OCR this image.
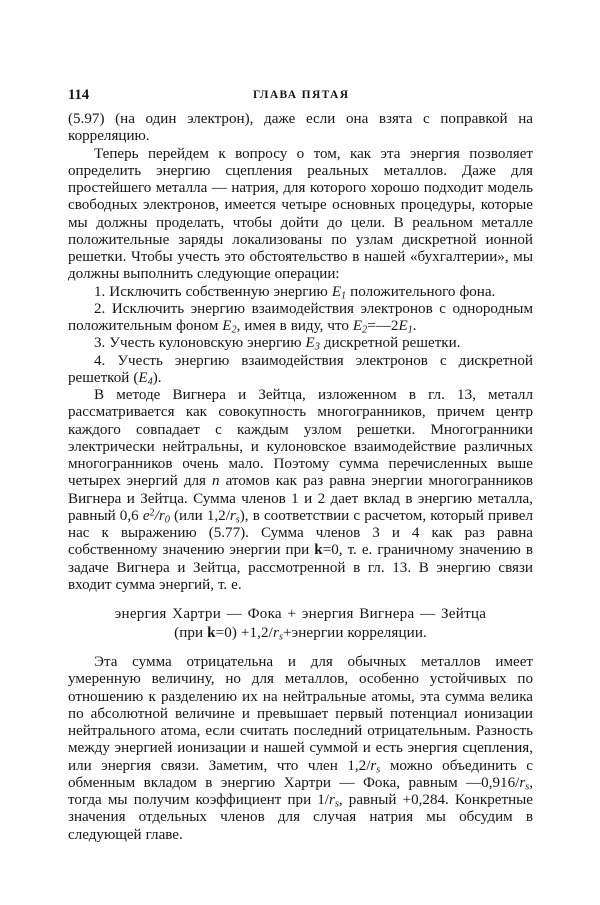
114	ГЛАВА ПЯТАЯ

(5.97) (на один электрон), даже если она взята с поправкой на корреляцию.

Теперь перейдем к вопросу о том, как эта энергия позволяет определить энергию сцепления реальных металлов. Даже для простейшего металла — натрия, для которого хорошо подходит модель свободных электронов, имеется четыре основных процедуры, которые мы должны проделать, чтобы дойти до цели. В реальном металле положительные заряды локализованы по узлам дискретной ионной решетки. Чтобы учесть это обстоятельство в нашей «бухгалтерии», мы должны выполнить следующие операции:

1. Исключить собственную энергию $E_1$ положительного фона.

2. Исключить энергию взаимодействия электронов с однородным положительным фоном $E_2$, имея в виду, что $E_2=—2E_1$.

3. Учесть кулоновскую энергию $E_3$ дискретной решетки.

4. Учесть энергию взаимодействия электронов с дискретной решеткой $(E_4)$.

В методе Вигнера и Зейтца, изложенном в гл. 13, металл рассматривается как совокупность многогранников, причем центр каждого совпадает с каждым узлом решетки. Многогранники электрически нейтральны, и кулоновское взаимодействие различных многогранников очень мало. Поэтому сумма перечисленных выше четырех энергий для n атомов как раз равна энергии многогранников Вигнера и Зейтца. Сумма членов 1 и 2 дает вклад в энергию металла, равный 0,6 $e^2/r_0$ (или $1,2/r_s$), в соответствии с расчетом, который привел нас к выражению (5.77). Сумма членов 3 и 4 как раз равна собственному значению энергии при k=0, т. е. граничному значению в задаче Вигнера и Зейтца, рассмотренной в гл. 13. В энергию связи входит сумма энергий, т. е.

энергия Хартри — Фока + энергия Вигнера — Зейтца
(при $k=0) +1,2/r_s+энергии$ корреляции.

Эта сумма отрицательна и для обычных металлов имеет умеренную величину, но для металлов, особенно устойчивых по отношению к разделению их на нейтральные атомы, эта сумма велика по абсолютной величине и превышает первый потенциал ионизации нейтрального атома, если считать последний отрицательным. Разность между энергией ионизации и нашей суммой и есть энергия сцепления, или энергия связи. Заметим, что член $1,2/r_s$ можно объединить с обменным вкладом в энергию Хартри — Фока, равным $—0,916/r_s$, тогда мы получим коэффициент при $1/r_s$, равный +0,284. Конкретные значения отдельных членов для случая натрия мы обсудим в следующей главе.
